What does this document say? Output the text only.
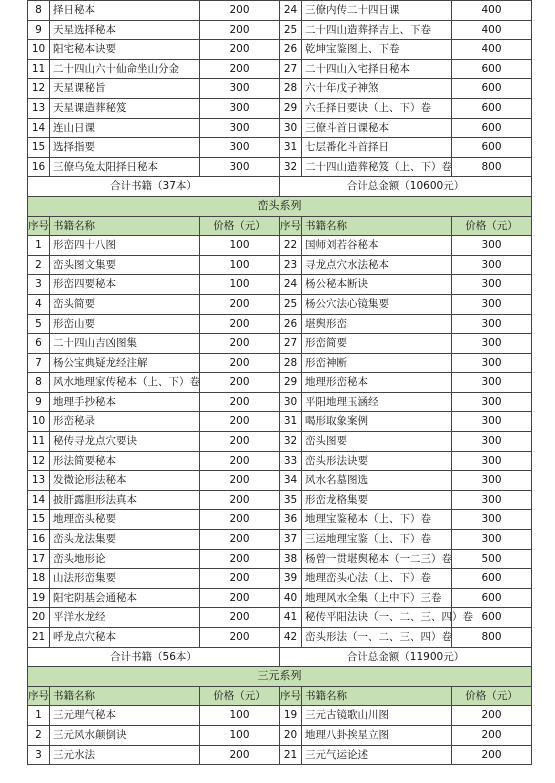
8	择日秘本	200	24	三僚内传二十四日课	400
9	天星选择秘本	200	25	二十四山造葬择吉上、下卷	400
10	阳宅秘本诀要	200	26	乾坤宝鉴图上、下卷	400
11	二十四山六十仙命坐山分金	200	27	二十四山入宅择日秘本	600
12	天星课秘旨	300	28	六十年戊子神煞	600
13	天星课造葬秘笈	300	29	六壬择日要诀（上、下）卷	600
14	连山日课	300	30	三僚斗首日课秘本	600
15	选择指要	300	31	七层番化斗首择日	600
16	三僚乌兔太阳择日秘本	300	32	二十四山造葬秘笈（上、下）卷	800
合计书籍（37本）			合计总金额（10600元）		
峦头系列					
序号	书籍名称	价格（元）	序号	书籍名称	价格（元）
1	形峦四十八图	100	22	国师刘若谷秘本	300
2	峦头图文集要	100	23	寻龙点穴水法秘本	300
3	形峦四要秘本	100	24	杨公秘本断诀	300
4	峦头简要	200	25	杨公穴法心镜集要	300
5	形峦山要	200	26	堪舆形峦	300
6	二十四山吉凶图集	200	27	形峦简要	300
7	杨公宝典疑龙经注解	200	28	形峦神断	300
8	风水地理家传秘本（上、下）卷	200	29	地理形峦秘本	300
9	地理手抄秘本	200	30	平阳地理玉涵经	300
10	形峦秘录	200	31	喝形取象案例	300
11	秘传寻龙点穴要诀	200	32	峦头图要	300
12	形法简要秘本	200	33	峦头形法诀要	300
13	发微论形法秘本	200	34	风水名墓图选	300
14	披肝露胆形法真本	200	35	形峦龙格集要	300
15	地理峦头秘要	200	36	地理宝鉴秘本（上、下）卷	300
16	峦头龙法集要	200	37	三运地理宝鉴（上、下）卷	300
17	峦头地形论	200	38	杨曾一贯堪舆秘本（一二三）卷	500
18	山法形峦集要	200	39	地理峦头心法（上、下）卷	600
19	阳宅阴基会通秘本	200	40	地理风水全集（上中下）三卷	600
20	平洋水龙经	200	41	秘传平阳法诀（一、二、三、四）卷	600
21	呼龙点穴秘本	200	42	峦头形法（一、二、三、四）卷	800
合计书籍（56本）			合计总金额（11900元）		
三元系列					
序号	书籍名称	价格（元）	序号	书籍名称	价格（元）
1	三元理气秘本	100	19	三元古镜歌山川图	200
2	三元风水颠倒诀	100	20	地理八卦挨星立图	200
3	三元水法	200	21	三元气运论述	200
